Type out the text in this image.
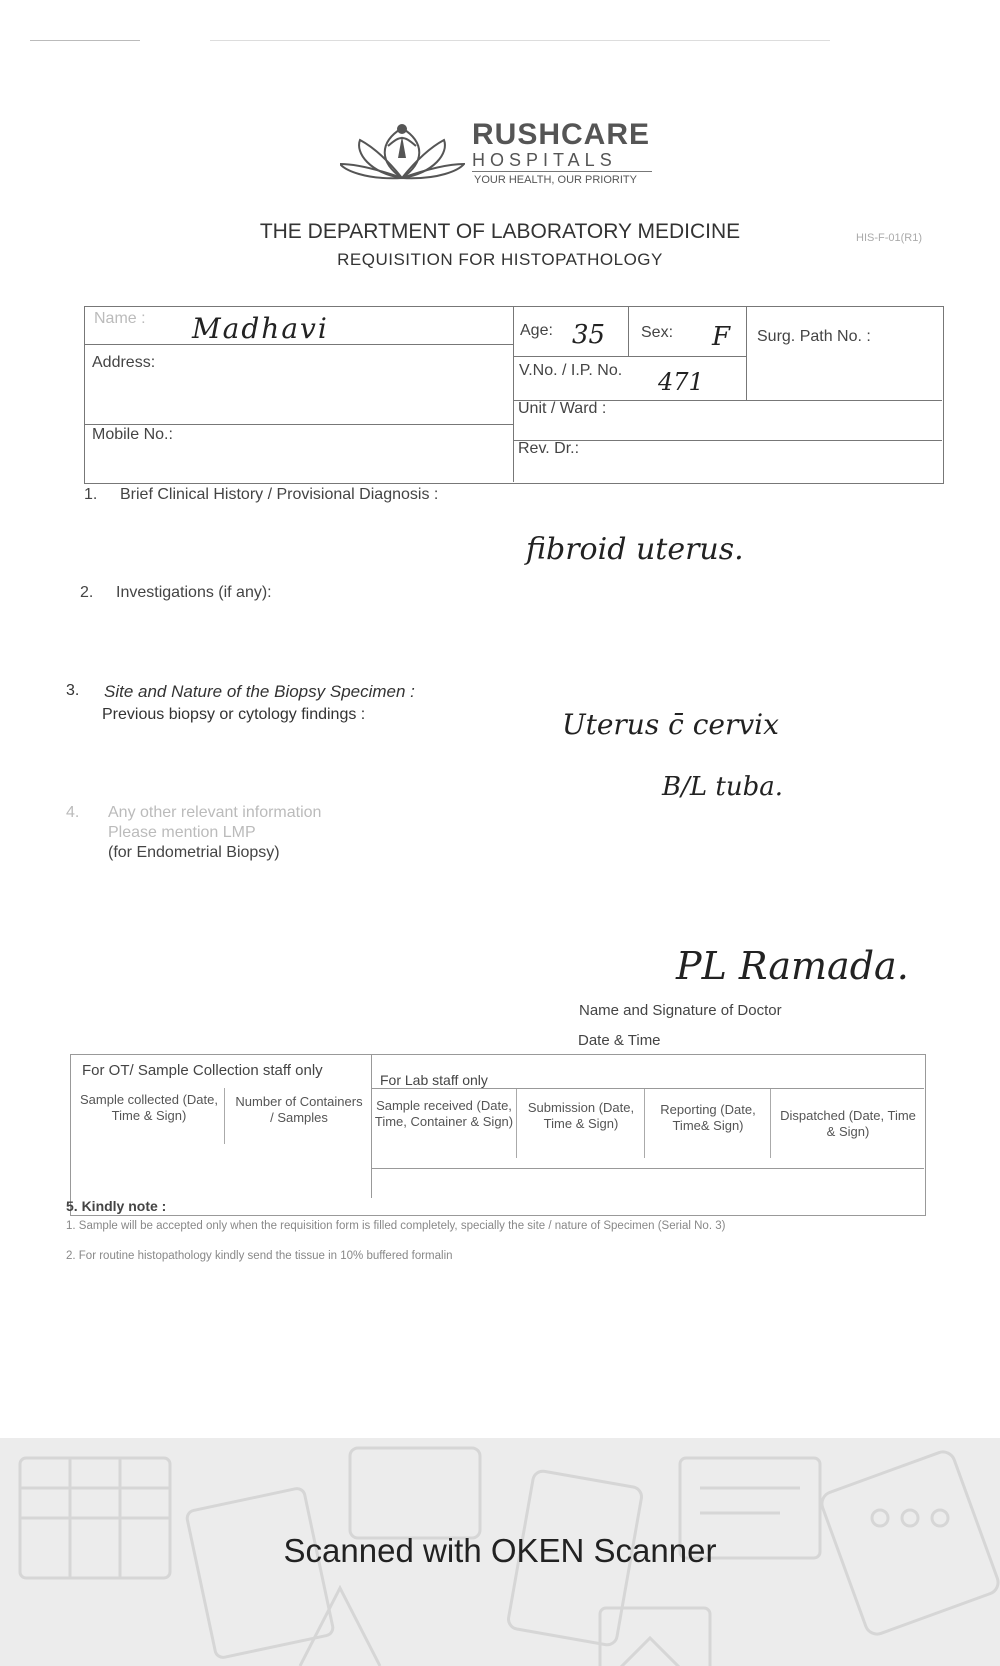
RUSHCARE
HOSPITALS
YOUR HEALTH, OUR PRIORITY
THE DEPARTMENT OF LABORATORY MEDICINE
REQUISITION FOR HISTOPATHOLOGY
HIS-F-01(R1)
Name : Madhavi	Age: 35 Sex: F Surg. Path No. :
Address:	V.No. / I.P. No. 471
Unit / Ward :
Mobile No.:
Rev. Dr.:
1. Brief Clinical History / Provisional Diagnosis :
fibroid uterus.
2. Investigations (if any):
3. Site and Nature of the Biopsy Specimen :
Previous biopsy or cytology findings :	Uterus c̄ cervix
B/L tuba.
4. Any other relevant information
Please mention LMP
(for Endometrial Biopsy)
PL Ramada.
Name and Signature of Doctor
Date & Time
For OT/ Sample Collection staff only
For Lab staff only
Sample collected (Date, Time & Sign)
Number of Containers / Samples
Sample received (Date, Time, Container & Sign)
Submission (Date, Time & Sign)
Reporting (Date, Time& Sign)
Dispatched (Date, Time & Sign)
5. Kindly note :
1. Sample will be accepted only when the requisition form is filled completely, specially the site / nature of Specimen (Serial No. 3)
2. For routine histopathology kindly send the tissue in 10% buffered formalin
Scanned with OKEN Scanner
